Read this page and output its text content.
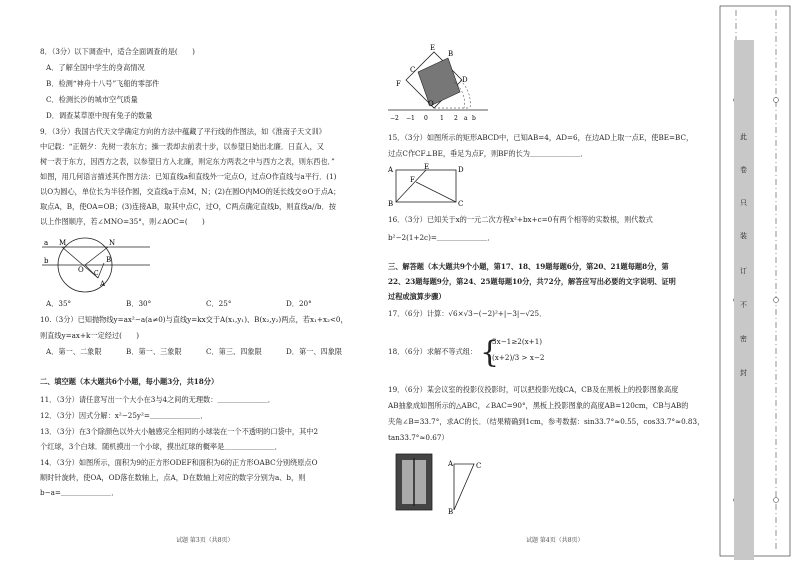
8．（3分）以下调查中，适合全面调查的是(　　)
A．了解全国中学生的身高情况
B．检测“神舟十八号”飞船的零部件
C．检测长沙的城市空气质量
D．调查某草原中现有兔子的数量
9．（3分）我国古代天文学确定方向的方法中蕴藏了平行线的作图法，如《淮南子天文训》
中记载：“正朝夕：先树一表东方；操一表却去前表十步，以参望日始出北廉．日直入，又
树一表于东方，因西方之表，以参望日方入北廉，则定东方两表之中与西方之表，则东西也．”
如图，用几何语言描述其作图方法：已知直线a和直线外一定点O，过点O作直线与a平行．(1)
以O为圆心，单位长为半径作圆，交直线a于点M，N；(2)在圆O内MO的延长线交⊙O于点A；
取点A，B，使OA=OB；(3)连接AB，取其中点C，过O，C两点确定直线b，则直线a//b．按
以上作图顺序，若∠MNO=35°，则∠AOC=(　　)
M	N
O
A
B
C
a
b
A．35°	B．30°	C．25°	D．20°
10.（3分）已知抛物线y=ax²−a(a≠0)与直线y=kx交于A(x₁,y₁)、B(x₂,y₂)两点，若x₁+x₂<0，
则直线y=ax+k一定经过(　　)
A．第一、二象限	B．第一、三象限	C．第三、四象限	D．第一、四象限
二、填空题（本大题共6个小题，每小题3分，共18分）
11．（3分）请任意写出一个大小在3与4之间的无理数：＿＿＿＿＿＿＿．
12．（3分）因式分解：x²−25y²=＿＿＿＿＿＿＿．
13．（3分）在3个除颜色以外大小触感完全相同的小球装在一个不透明的口袋中，其中2
个红球，3个白球．随机摸出一个小球，摸出红球的概率是＿＿＿＿＿＿＿．
14．（3分）如图所示，面积为9的正方形ODEF和面积为6的正方形OABC分别绕原点O
顺时针旋转，使OA，OD落在数轴上，点A，D在数轴上对应的数字分别为a、b，则
b−a=＿＿＿＿＿＿＿．
试题 第3页（共8页）
E
F
C
D
B
O
−2 −1 0 1 2 a b
15．（3分）如图所示的矩形ABCD中，已知AB=4，AD=6，在边AD上取一点E，使BE=BC，
过点C作CF⊥BE，垂足为点F，则BF的长为＿＿＿＿＿＿＿．
A
B	C
D
E
F
16．（3分）已知关于x的一元二次方程x²+bx+c=0有两个相等的实数根，则代数式
b²−2(1+2c)=＿＿＿＿＿＿＿．
三、解答题（本大题共9个小题，第17、18、19题每题6分，第20、21题每题8分，第
22、23题每题9分，第24、25题每题10分，共72分，解答应写出必要的文字说明、证明
过程或演算步骤）
17．（6分）计算：√6×√3−(−2)²+|−3|−√25．
18．（6分）求解不等式组： {
3x−1≥2(x+1)
(x+2)/3 > x−2
19．（6分）某会议室的投影仪投影时，可以把投影光线CA，CB及在黑板上的投影图象高度
AB抽象成如图所示的△ABC，∠BAC=90°，黑板上投影图象的高度AB=120cm，CB与AB的
夹角∠B=33.7°，求AC的长．（结果精确到1cm，参考数据：sin33.7°≈0.55，cos33.7°≈0.83，
tan33.7°≈0.67）
A
B
C
试题 第4页（共8页）
此
卷
只
装
订
不
密
封
